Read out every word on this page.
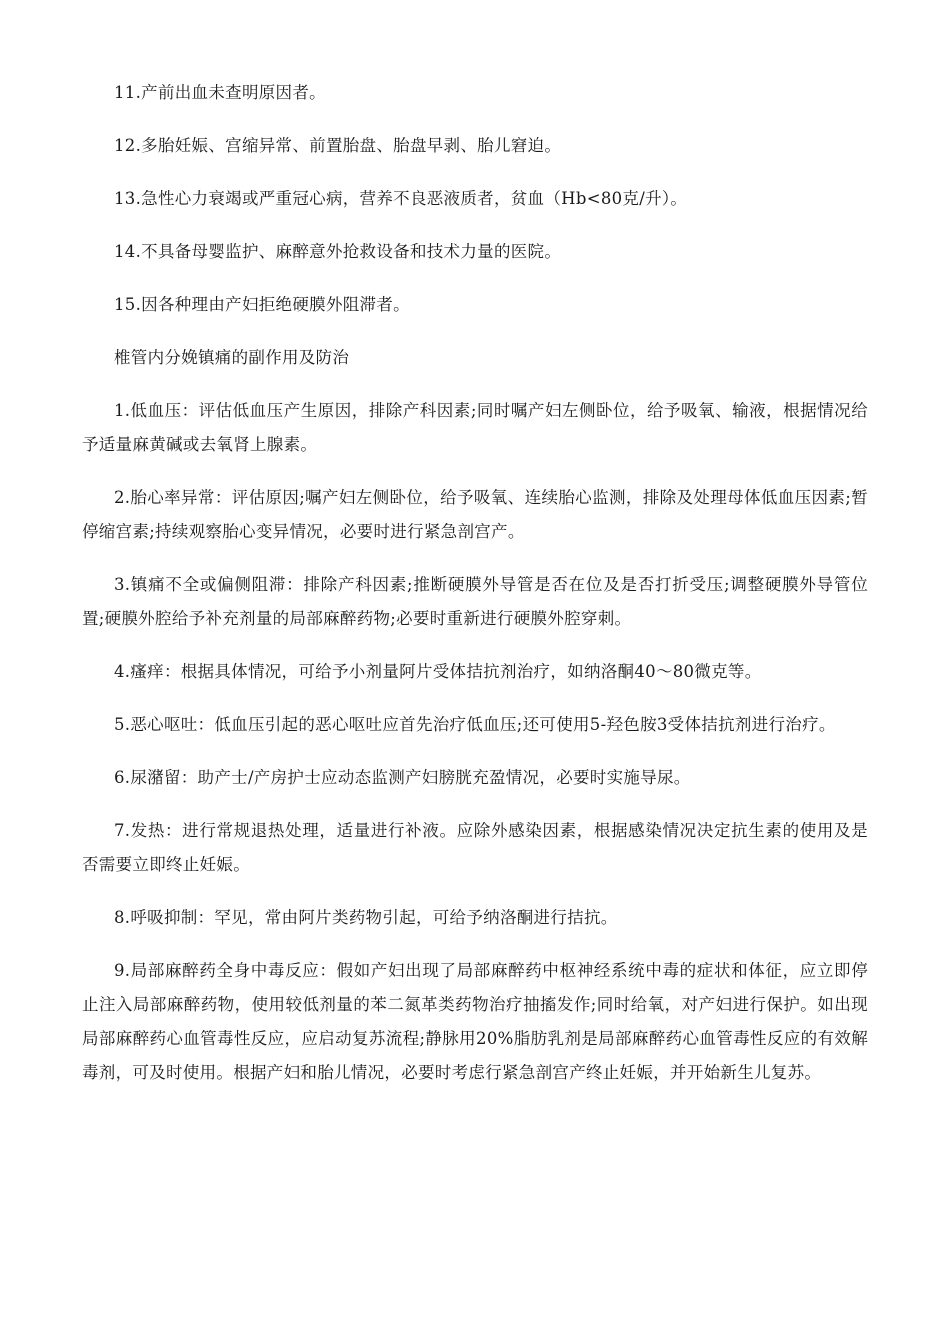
11.产前出血未查明原因者。

12.多胎妊娠、宫缩异常、前置胎盘、胎盘早剥、胎儿窘迫。

13.急性心力衰竭或严重冠心病，营养不良恶液质者，贫血（Hb<80克/升）。

14.不具备母婴监护、麻醉意外抢救设备和技术力量的医院。

15.因各种理由产妇拒绝硬膜外阻滞者。

椎管内分娩镇痛的副作用及防治

1.低血压：评估低血压产生原因，排除产科因素;同时嘱产妇左侧卧位，给予吸氧、输液，根据情况给予适量麻黄碱或去氧肾上腺素。

2.胎心率异常：评估原因;嘱产妇左侧卧位，给予吸氧、连续胎心监测，排除及处理母体低血压因素;暂停缩宫素;持续观察胎心变异情况，必要时进行紧急剖宫产。

3.镇痛不全或偏侧阻滞：排除产科因素;推断硬膜外导管是否在位及是否打折受压;调整硬膜外导管位置;硬膜外腔给予补充剂量的局部麻醉药物;必要时重新进行硬膜外腔穿刺。

4.瘙痒：根据具体情况，可给予小剂量阿片受体拮抗剂治疗，如纳洛酮40～80微克等。

5.恶心呕吐：低血压引起的恶心呕吐应首先治疗低血压;还可使用5-羟色胺3受体拮抗剂进行治疗。

6.尿潴留：助产士/产房护士应动态监测产妇膀胱充盈情况，必要时实施导尿。

7.发热：进行常规退热处理，适量进行补液。应除外感染因素，根据感染情况决定抗生素的使用及是否需要立即终止妊娠。

8.呼吸抑制：罕见，常由阿片类药物引起，可给予纳洛酮进行拮抗。

9.局部麻醉药全身中毒反应：假如产妇出现了局部麻醉药中枢神经系统中毒的症状和体征，应立即停止注入局部麻醉药物，使用较低剂量的苯二氮革类药物治疗抽搐发作;同时给氧，对产妇进行保护。如出现局部麻醉药心血管毒性反应，应启动复苏流程;静脉用20%脂肪乳剂是局部麻醉药心血管毒性反应的有效解毒剂，可及时使用。根据产妇和胎儿情况，必要时考虑行紧急剖宫产终止妊娠，并开始新生儿复苏。
